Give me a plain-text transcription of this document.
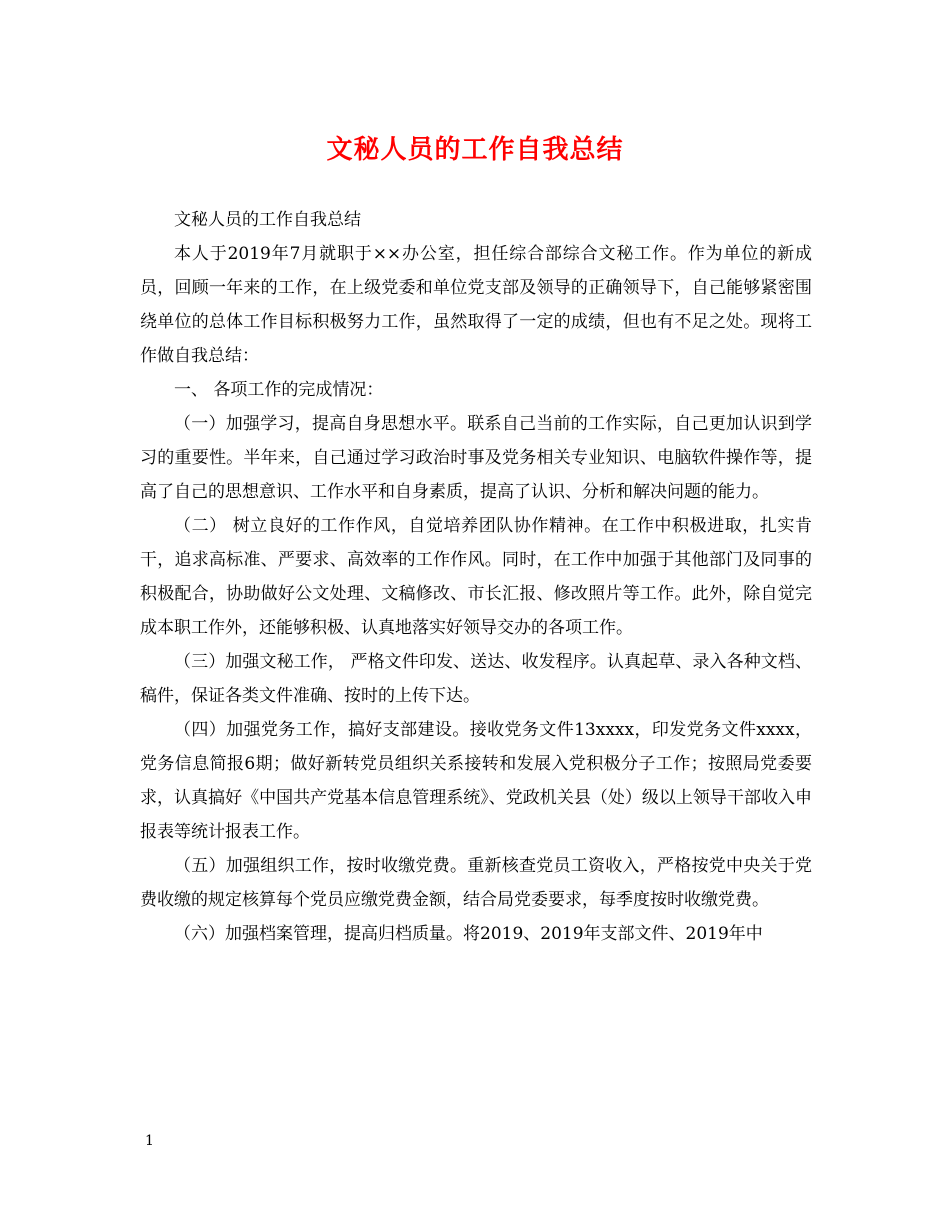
文秘人员的工作自我总结

文秘人员的工作自我总结

本人于2019年7月就职于××办公室，担任综合部综合文秘工作。作为单位的新成员，回顾一年来的工作，在上级党委和单位党支部及领导的正确领导下，自己能够紧密围绕单位的总体工作目标积极努力工作，虽然取得了一定的成绩，但也有不足之处。现将工作做自我总结：

一、 各项工作的完成情况：

（一）加强学习，提高自身思想水平。联系自己当前的工作实际，自己更加认识到学习的重要性。半年来，自己通过学习政治时事及党务相关专业知识、电脑软件操作等，提高了自己的思想意识、工作水平和自身素质，提高了认识、分析和解决问题的能力。

（二） 树立良好的工作作风，自觉培养团队协作精神。在工作中积极进取，扎实肯干，追求高标准、严要求、高效率的工作作风。同时，在工作中加强于其他部门及同事的积极配合，协助做好公文处理、文稿修改、市长汇报、修改照片等工作。此外，除自觉完成本职工作外，还能够积极、认真地落实好领导交办的各项工作。

（三）加强文秘工作， 严格文件印发、送达、收发程序。认真起草、录入各种文档、稿件，保证各类文件准确、按时的上传下达。

（四）加强党务工作，搞好支部建设。接收党务文件13xxxx，印发党务文件xxxx，党务信息简报6期；做好新转党员组织关系接转和发展入党积极分子工作；按照局党委要求，认真搞好《中国共产党基本信息管理系统》、党政机关县（处）级以上领导干部收入申报表等统计报表工作。

（五）加强组织工作，按时收缴党费。重新核查党员工资收入，严格按党中央关于党费收缴的规定核算每个党员应缴党费金额，结合局党委要求，每季度按时收缴党费。

（六）加强档案管理，提高归档质量。将2019、2019年支部文件、2019年中

1
